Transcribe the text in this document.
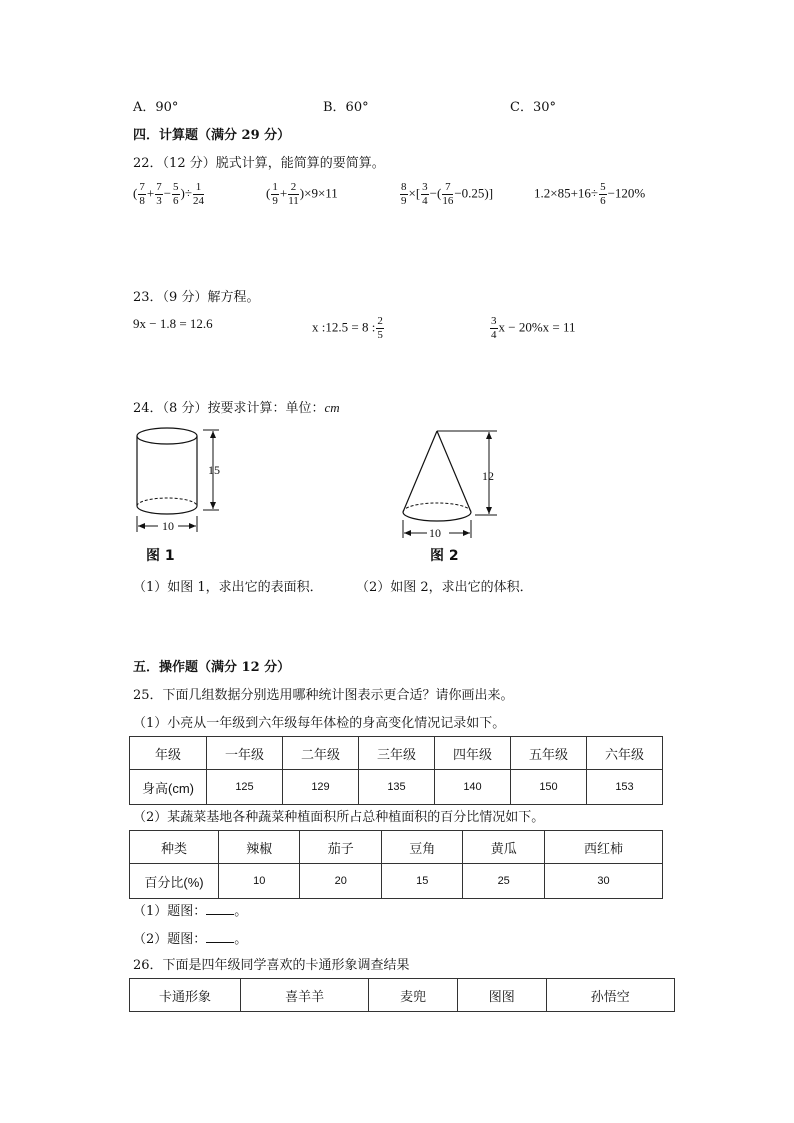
A．90°	B．60°	C．30°
四．计算题（满分 29 分）
22．（12 分）脱式计算，能简算的要简算。
( $\frac{7}{8} + \frac{7}{3} - \frac{5}{6}$ )÷ $\frac{1}{24}$	( $\frac{1}{9} + \frac{2}{11} )\times 9\times 11$	$\frac{8}{9}$ ×[ $\frac{3}{4}$ −( $\frac{7}{16} -0.25$)]	$1.2\times 85+16\div \frac{5}{6} -120\%$
23．（9 分）解方程。
9x − 1.8 = 12.6	x :12.5 = 8 : $\frac{2}{5}$	$\frac{3}{4}$ x − 20%x = 11
24．（8 分）按要求计算：单位：cm
15
10
图 1
12
10
图 2
（1）如图 1，求出它的表面积．	（2）如图 2，求出它的体积．
五．操作题（满分 12 分）
25．下面几组数据分别选用哪种统计图表示更合适？请你画出来。
（1）小亮从一年级到六年级每年体检的身高变化情况记录如下。
年级	一年级	二年级	三年级	四年级	五年级	六年级
身高(cm)	125	129	135	140	150	153
（2）某蔬菜基地各种蔬菜种植面积所占总种植面积的百分比情况如下。
种类	辣椒	茄子	豆角	黄瓜	西红柿
百分比(%)	10	20	15	25	30
（1）题图： 。
（2）题图： 。
26．下面是四年级同学喜欢的卡通形象调查结果
卡通形象	喜羊羊	麦兜	图图	孙悟空
